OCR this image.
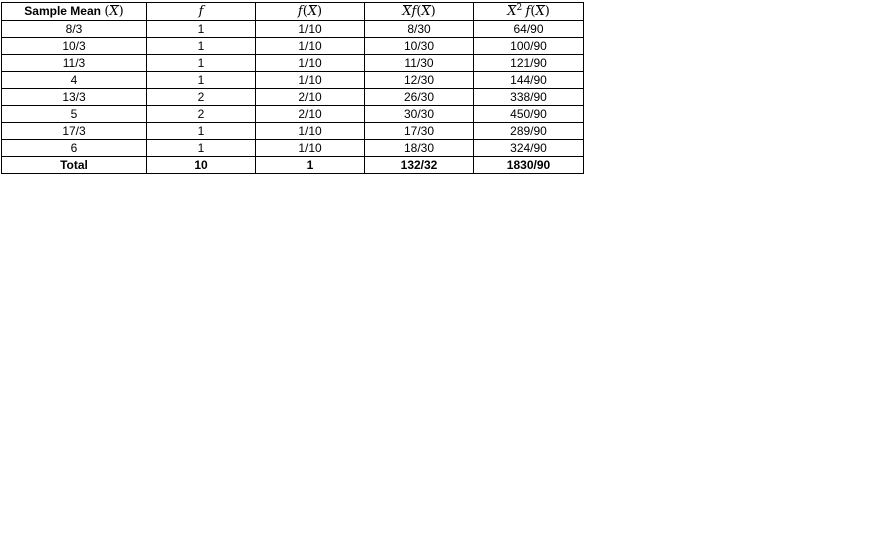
Sample Mean (X)	f	f(X)	Xf(X)	$X^2$ f(X)
8/3	1	1/10	8/30	64/90
10/3	1	1/10	10/30	100/90
11/3	1	1/10	11/30	121/90
4	1	1/10	12/30	144/90
13/3	2	2/10	26/30	338/90
5	2	2/10	30/30	450/90
17/3	1	1/10	17/30	289/90
6	1	1/10	18/30	324/90
Total	10	1	132/32	1830/90
